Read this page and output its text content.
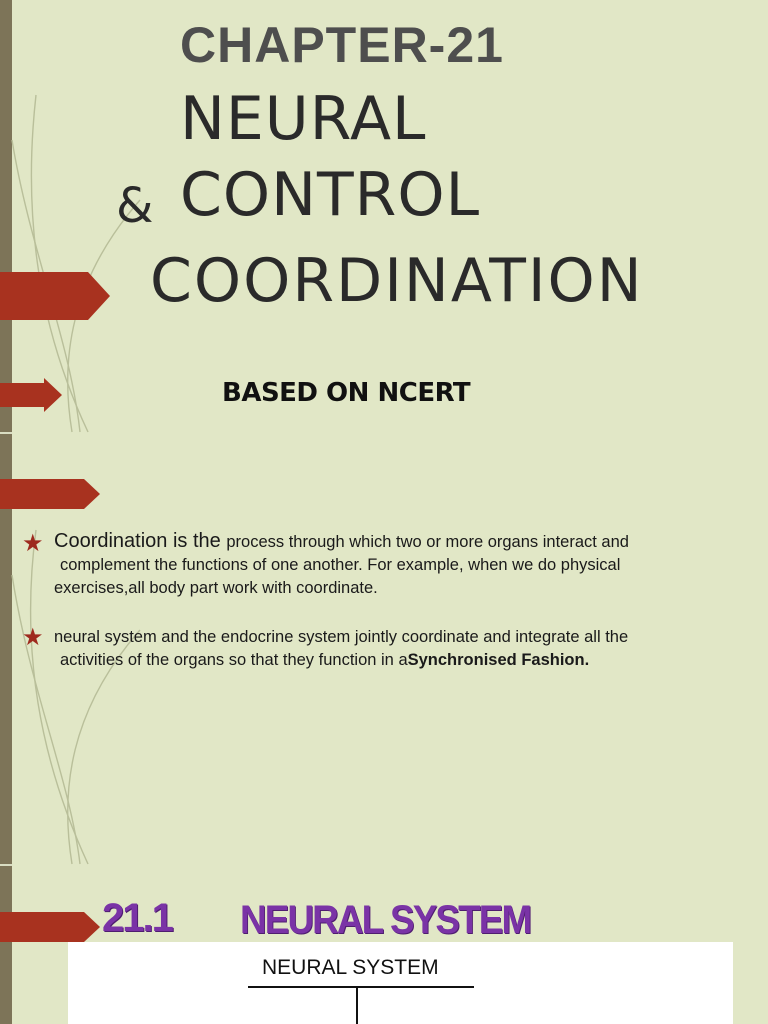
CHAPTER-21
NEURAL
& CONTROL
COORDINATION
BASED ON NCERT
★ Coordination is the process through which two or more organs interact and
complement the functions of one another. For example, when we do physical
exercises,all body part work with coordinate.

★ neural system and the endocrine system jointly coordinate and integrate all the
activities of the organs so that they function in aSynchronised Fashion.

21.1 NEURAL SYSTEM
NEURAL SYSTEM
